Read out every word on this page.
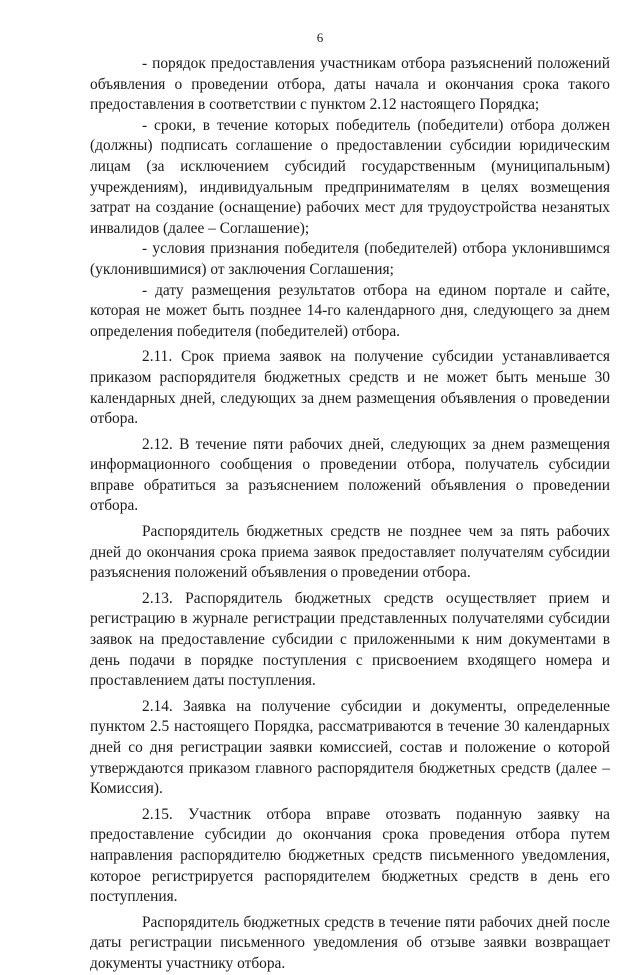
6

- порядок предоставления участникам отбора разъяснений положений объявления о проведении отбора, даты начала и окончания срока такого предоставления в соответствии с пунктом 2.12 настоящего Порядка;

- сроки, в течение которых победитель (победители) отбора должен (должны) подписать соглашение о предоставлении субсидии юридическим лицам (за исключением субсидий государственным (муниципальным) учреждениям), индивидуальным предпринимателям в целях возмещения затрат на создание (оснащение) рабочих мест для трудоустройства незанятых инвалидов (далее – Соглашение);

- условия признания победителя (победителей) отбора уклонившимся (уклонившимися) от заключения Соглашения;

- дату размещения результатов отбора на едином портале и сайте, которая не может быть позднее 14-го календарного дня, следующего за днем определения победителя (победителей) отбора.

2.11. Срок приема заявок на получение субсидии устанавливается приказом распорядителя бюджетных средств и не может быть меньше 30 календарных дней, следующих за днем размещения объявления о проведении отбора.

2.12. В течение пяти рабочих дней, следующих за днем размещения информационного сообщения о проведении отбора, получатель субсидии вправе обратиться за разъяснением положений объявления о проведении отбора.

Распорядитель бюджетных средств не позднее чем за пять рабочих дней до окончания срока приема заявок предоставляет получателям субсидии разъяснения положений объявления о проведении отбора.

2.13. Распорядитель бюджетных средств осуществляет прием и регистрацию в журнале регистрации представленных получателями субсидии заявок на предоставление субсидии с приложенными к ним документами в день подачи в порядке поступления с присвоением входящего номера и проставлением даты поступления.

2.14. Заявка на получение субсидии и документы, определенные пунктом 2.5 настоящего Порядка, рассматриваются в течение 30 календарных дней со дня регистрации заявки комиссией, состав и положение о которой утверждаются приказом главного распорядителя бюджетных средств (далее – Комиссия).

2.15. Участник отбора вправе отозвать поданную заявку на предоставление субсидии до окончания срока проведения отбора путем направления распорядителю бюджетных средств письменного уведомления, которое регистрируется распорядителем бюджетных средств в день его поступления.

Распорядитель бюджетных средств в течение пяти рабочих дней после даты регистрации письменного уведомления об отзыве заявки возвращает документы участнику отбора.
